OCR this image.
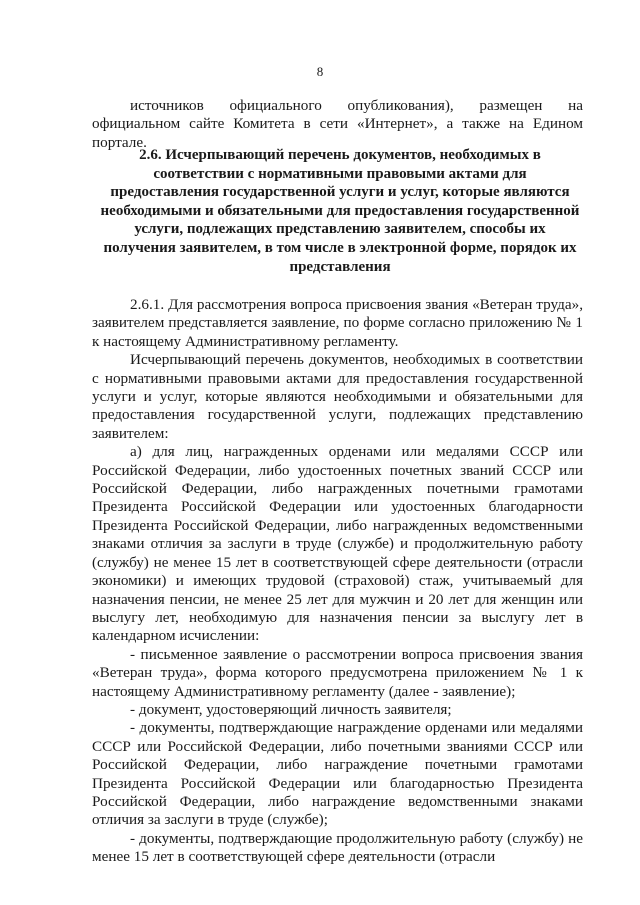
8

источников официального опубликования), размещен на официальном сайте Комитета в сети «Интернет», а также на Едином портале.

2.6. Исчерпывающий перечень документов, необходимых в соответствии с нормативными правовыми актами для предоставления государственной услуги и услуг, которые являются необходимыми и обязательными для предоставления государственной услуги, подлежащих представлению заявителем, способы их получения заявителем, в том числе в электронной форме, порядок их представления

2.6.1. Для рассмотрения вопроса присвоения звания «Ветеран труда», заявителем представляется заявление, по форме согласно приложению № 1 к настоящему Административному регламенту.

Исчерпывающий перечень документов, необходимых в соответствии с нормативными правовыми актами для предоставления государственной услуги и услуг, которые являются необходимыми и обязательными для предоставления государственной услуги, подлежащих представлению заявителем:

а) для лиц, награжденных орденами или медалями СССР или Российской Федерации, либо удостоенных почетных званий СССР или Российской Федерации, либо награжденных почетными грамотами Президента Российской Федерации или удостоенных благодарности Президента Российской Федерации, либо награжденных ведомственными знаками отличия за заслуги в труде (службе) и продолжительную работу (службу) не менее 15 лет в соответствующей сфере деятельности (отрасли экономики) и имеющих трудовой (страховой) стаж, учитываемый для назначения пенсии, не менее 25 лет для мужчин и 20 лет для женщин или выслугу лет, необходимую для назначения пенсии за выслугу лет в календарном исчислении:

- письменное заявление о рассмотрении вопроса присвоения звания «Ветеран труда», форма которого предусмотрена приложением № 1 к настоящему Административному регламенту (далее - заявление);

- документ, удостоверяющий личность заявителя;

- документы, подтверждающие награждение орденами или медалями СССР или Российской Федерации, либо почетными званиями СССР или Российской Федерации, либо награждение почетными грамотами Президента Российской Федерации или благодарностью Президента Российской Федерации, либо награждение ведомственными знаками отличия за заслуги в труде (службе);

- документы, подтверждающие продолжительную работу (службу) не менее 15 лет в соответствующей сфере деятельности (отрасли
